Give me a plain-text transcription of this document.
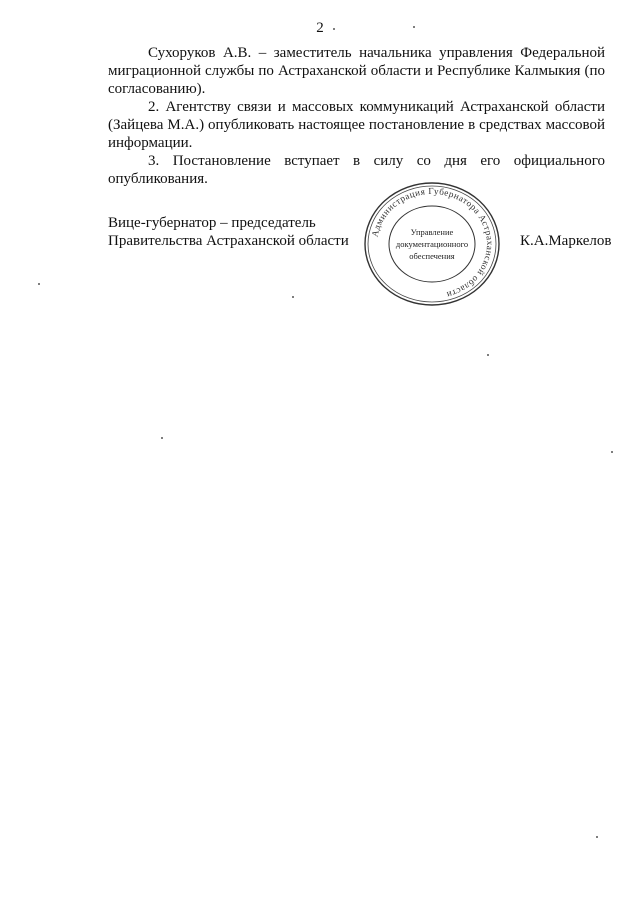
2

Сухоруков А.В. – заместитель начальника управления Федеральной миграционной службы по Астраханской области и Республике Калмыкия (по согласованию).

2. Агентству связи и массовых коммуникаций Астраханской области (Зайцева М.А.) опубликовать настоящее постановление в средствах массовой информации.

3. Постановление вступает в силу со дня его официального опубликования.

Вице-губернатор – председатель
Правительства Астраханской области	К.А.Маркелов
Администрация Губернатора Астраханской области
Управление
документационного
обеспечения
